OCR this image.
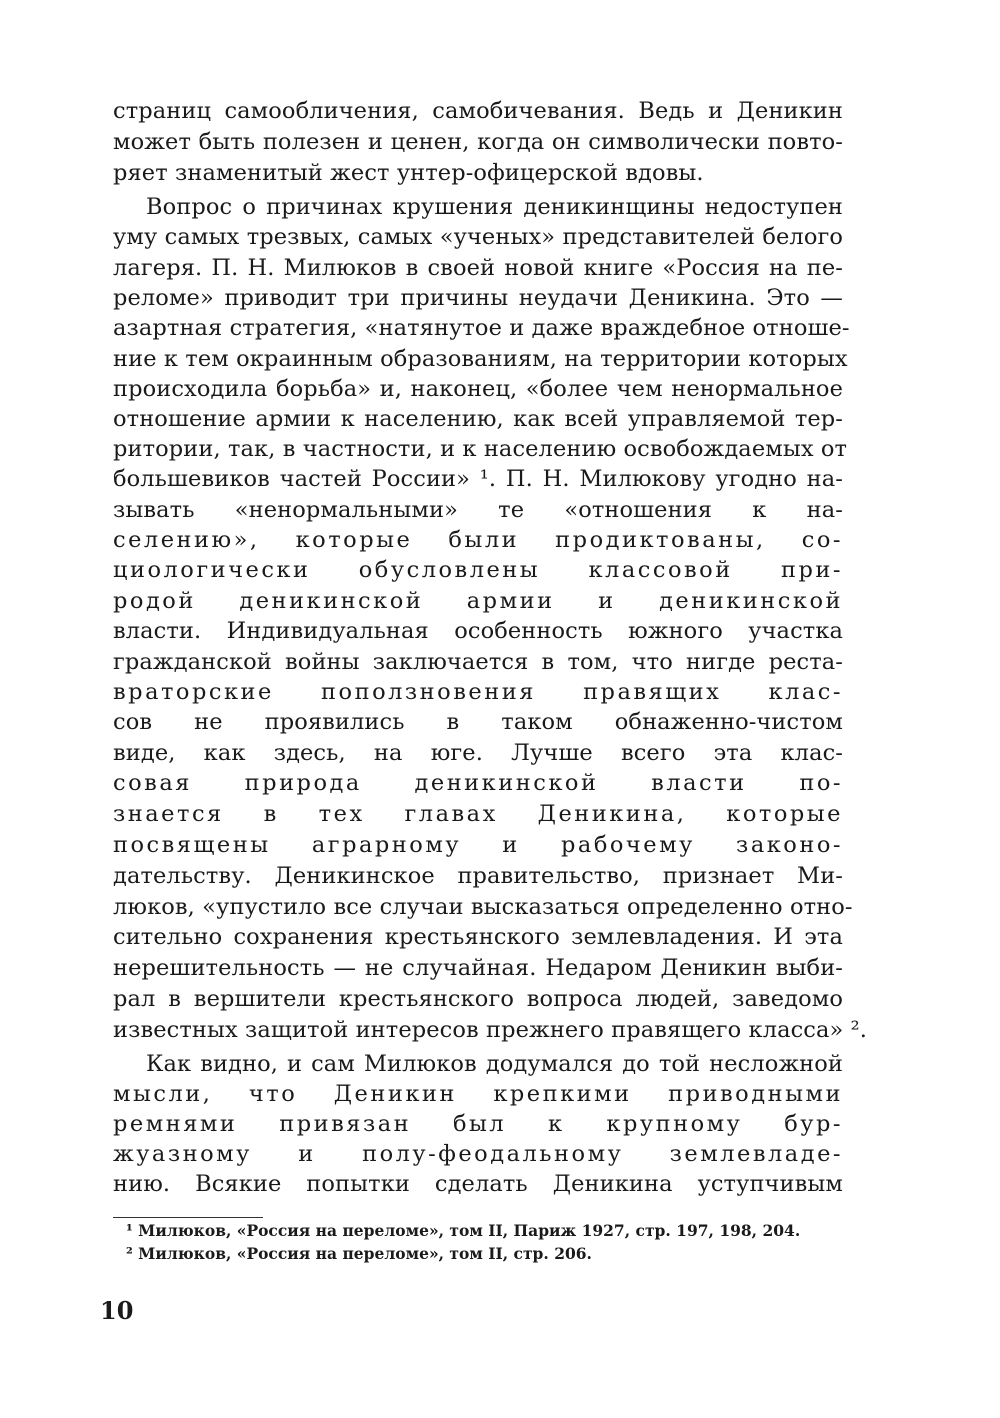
страниц самообличения, самобичевания. Ведь и Деникин
может быть полезен и ценен, когда он символически повто-
ряет знаменитый жест унтер-офицерской вдовы.
Вопрос о причинах крушения деникинщины недоступен
уму самых трезвых, самых «ученых» представителей белого
лагеря. П. Н. Милюков в своей новой книге «Россия на пе-
реломе» приводит три причины неудачи Деникина. Это —
азартная стратегия, «натянутое и даже враждебное отноше-
ние к тем окраинным образованиям, на территории которых
происходила борьба» и, наконец, «более чем ненормальное
отношение армии к населению, как всей управляемой тер-
ритории, так, в частности, и к населению освобождаемых от
большевиков частей России» ¹. П. Н. Милюкову угодно на-
зывать «ненормальными» те «отношения к на-
селению», которые были продиктованы, со-
циологически обусловлены классовой при-
родой деникинской армии и деникинской
власти. Индивидуальная особенность южного участка
гражданской войны заключается в том, что нигде реста-
враторские поползновения правящих клас-
сов не проявились в таком обнаженно-чистом
виде, как здесь, на юге. Лучше всего эта клас-
совая природа деникинской власти по-
знается в тех главах Деникина, которые
посвящены аграрному и рабочему законо-
дательству. Деникинское правительство, признает Ми-
люков, «упустило все случаи высказаться определенно отно-
сительно сохранения крестьянского землевладения. И эта
нерешительность — не случайная. Недаром Деникин выби-
рал в вершители крестьянского вопроса людей, заведомо
известных защитой интересов прежнего правящего класса» ².
Как видно, и сам Милюков додумался до той несложной
мысли, что Деникин крепкими приводными
ремнями привязан был к крупному бур-
жуазному и полу-феодальному землевладе-
нию. Всякие попытки сделать Деникина уступчивым
¹ Милюков, «Россия на переломе», том II, Париж 1927, стр. 197, 198, 204.
² Милюков, «Россия на переломе», том II, стр. 206.
10
